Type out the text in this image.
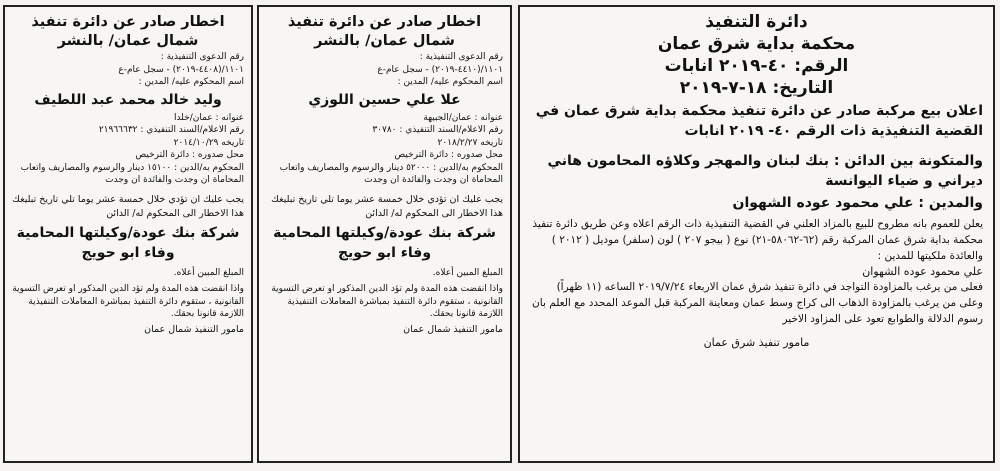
دائرة التنفيذ
محكمة بداية شرق عمان
الرقم: ٤٠-٢٠١٩ انابات
التاريخ: ١٨-٧-٢٠١٩
اعلان بيع مركبة صادر عن دائرة تنفيذ محكمة بداية شرق عمان في القضية التنفيذية ذات الرقم ٤٠- ٢٠١٩ انابات
والمتكونة بين الدائن : بنك لبنان والمهجر وكلاؤه المحامون هاني ديراني و ضياء اليوانسة
والمدين : علي محمود عوده الشهوان

يعلن للعموم بانه مطروح للبيع بالمزاد العلني في القضية التنفيذية ذات الرقم اعلاه وعن طريق دائرة تنفيذ محكمة بداية شرق عمان المركبة رقم (٦٢-٥٨٠٦٢-٢١) نوع ( بيجو ٢٠٧ ) لون (سلفر) موديل ( ٢٠١٢ ) والعائدة ملكيتها للمدين :

علي محمود عوده الشهوان

فعلى من يرغب بالمزاودة التواجد في دائرة تنفيذ شرق عمان الاربعاء ٢٠١٩/٧/٢٤ الساعه (١١ ظهراً) وعلى من يرغب بالمزاودة الذهاب الى كراج وسط عمان ومعاينة المركبة قبل الموعد المحدد مع العلم بان رسوم الدلالة والطوابع تعود على المزاود الاخير

مامور تنفيذ شرق عمان
اخطار صادر عن دائرة تنفيذ شمال عمان/ بالنشر
رقم الدعوى التنفيذية :
١١٠١/(٤٤١٠-٢٠١٩) - سجل عام-ع
اسم المحكوم عليه/ المدين :
علا علي حسين اللوزي
عنوانه : عمان/الجبيهة
رقم الاعلام/السند التنفيذي : ٣٠٧٨٠
تاريخه ٢٠١٨/٢/٢٧
محل صدوره : دائرة الترخيص
المحكوم به/الدين : ٥٢٠٠٠ دينار والرسوم والمصاريف واتعاب المحاماة ان وجدت والفائدة ان وجدت
يجب عليك ان تؤدي خلال خمسة عشر يوما تلي تاريخ تبليغك هذا الاخطار الى المحكوم له/ الدائن
شركة بنك عودة/وكيلتها المحامية وفاء ابو حويج
المبلغ المبين أعلاه.
واذا انقضت هذه المدة ولم تؤد الدين المذكور او تعرض التسوية القانونية ، ستقوم دائرة التنفيذ بمباشرة المعاملات التنفيذية اللازمة قانونا بحقك.
مامور التنفيذ شمال عمان
اخطار صادر عن دائرة تنفيذ شمال عمان/ بالنشر
رقم الدعوى التنفيذية :
١١٠١/(٤٤٠٨-٢٠١٩) - سجل عام-ع
اسم المحكوم عليه/ المدين :
وليد خالد محمد عبد اللطيف
عنوانه : عمان/خلدا
رقم الاعلام/السند التنفيذي : ٢١٩٦٦٦٣٢
تاريخه ٢٠١٤/١٠/٢٩
محل صدوره : دائرة الترخيص
المحكوم به/الدين : ١٥١٠٠ دينار والرسوم والمصاريف واتعاب المحاماة ان وجدت والفائدة ان وجدت
يجب عليك ان تؤدي خلال خمسة عشر يوما تلي تاريخ تبليغك هذا الاخطار الى المحكوم له/ الدائن
شركة بنك عودة/وكيلتها المحامية وفاء ابو حويج
المبلغ المبين أعلاه.
واذا انقضت هذه المدة ولم تؤد الدين المذكور او تعرض التسوية القانونية ، ستقوم دائرة التنفيذ بمباشرة المعاملات التنفيذية اللازمة قانونا بحقك.
مامور التنفيذ شمال عمان
